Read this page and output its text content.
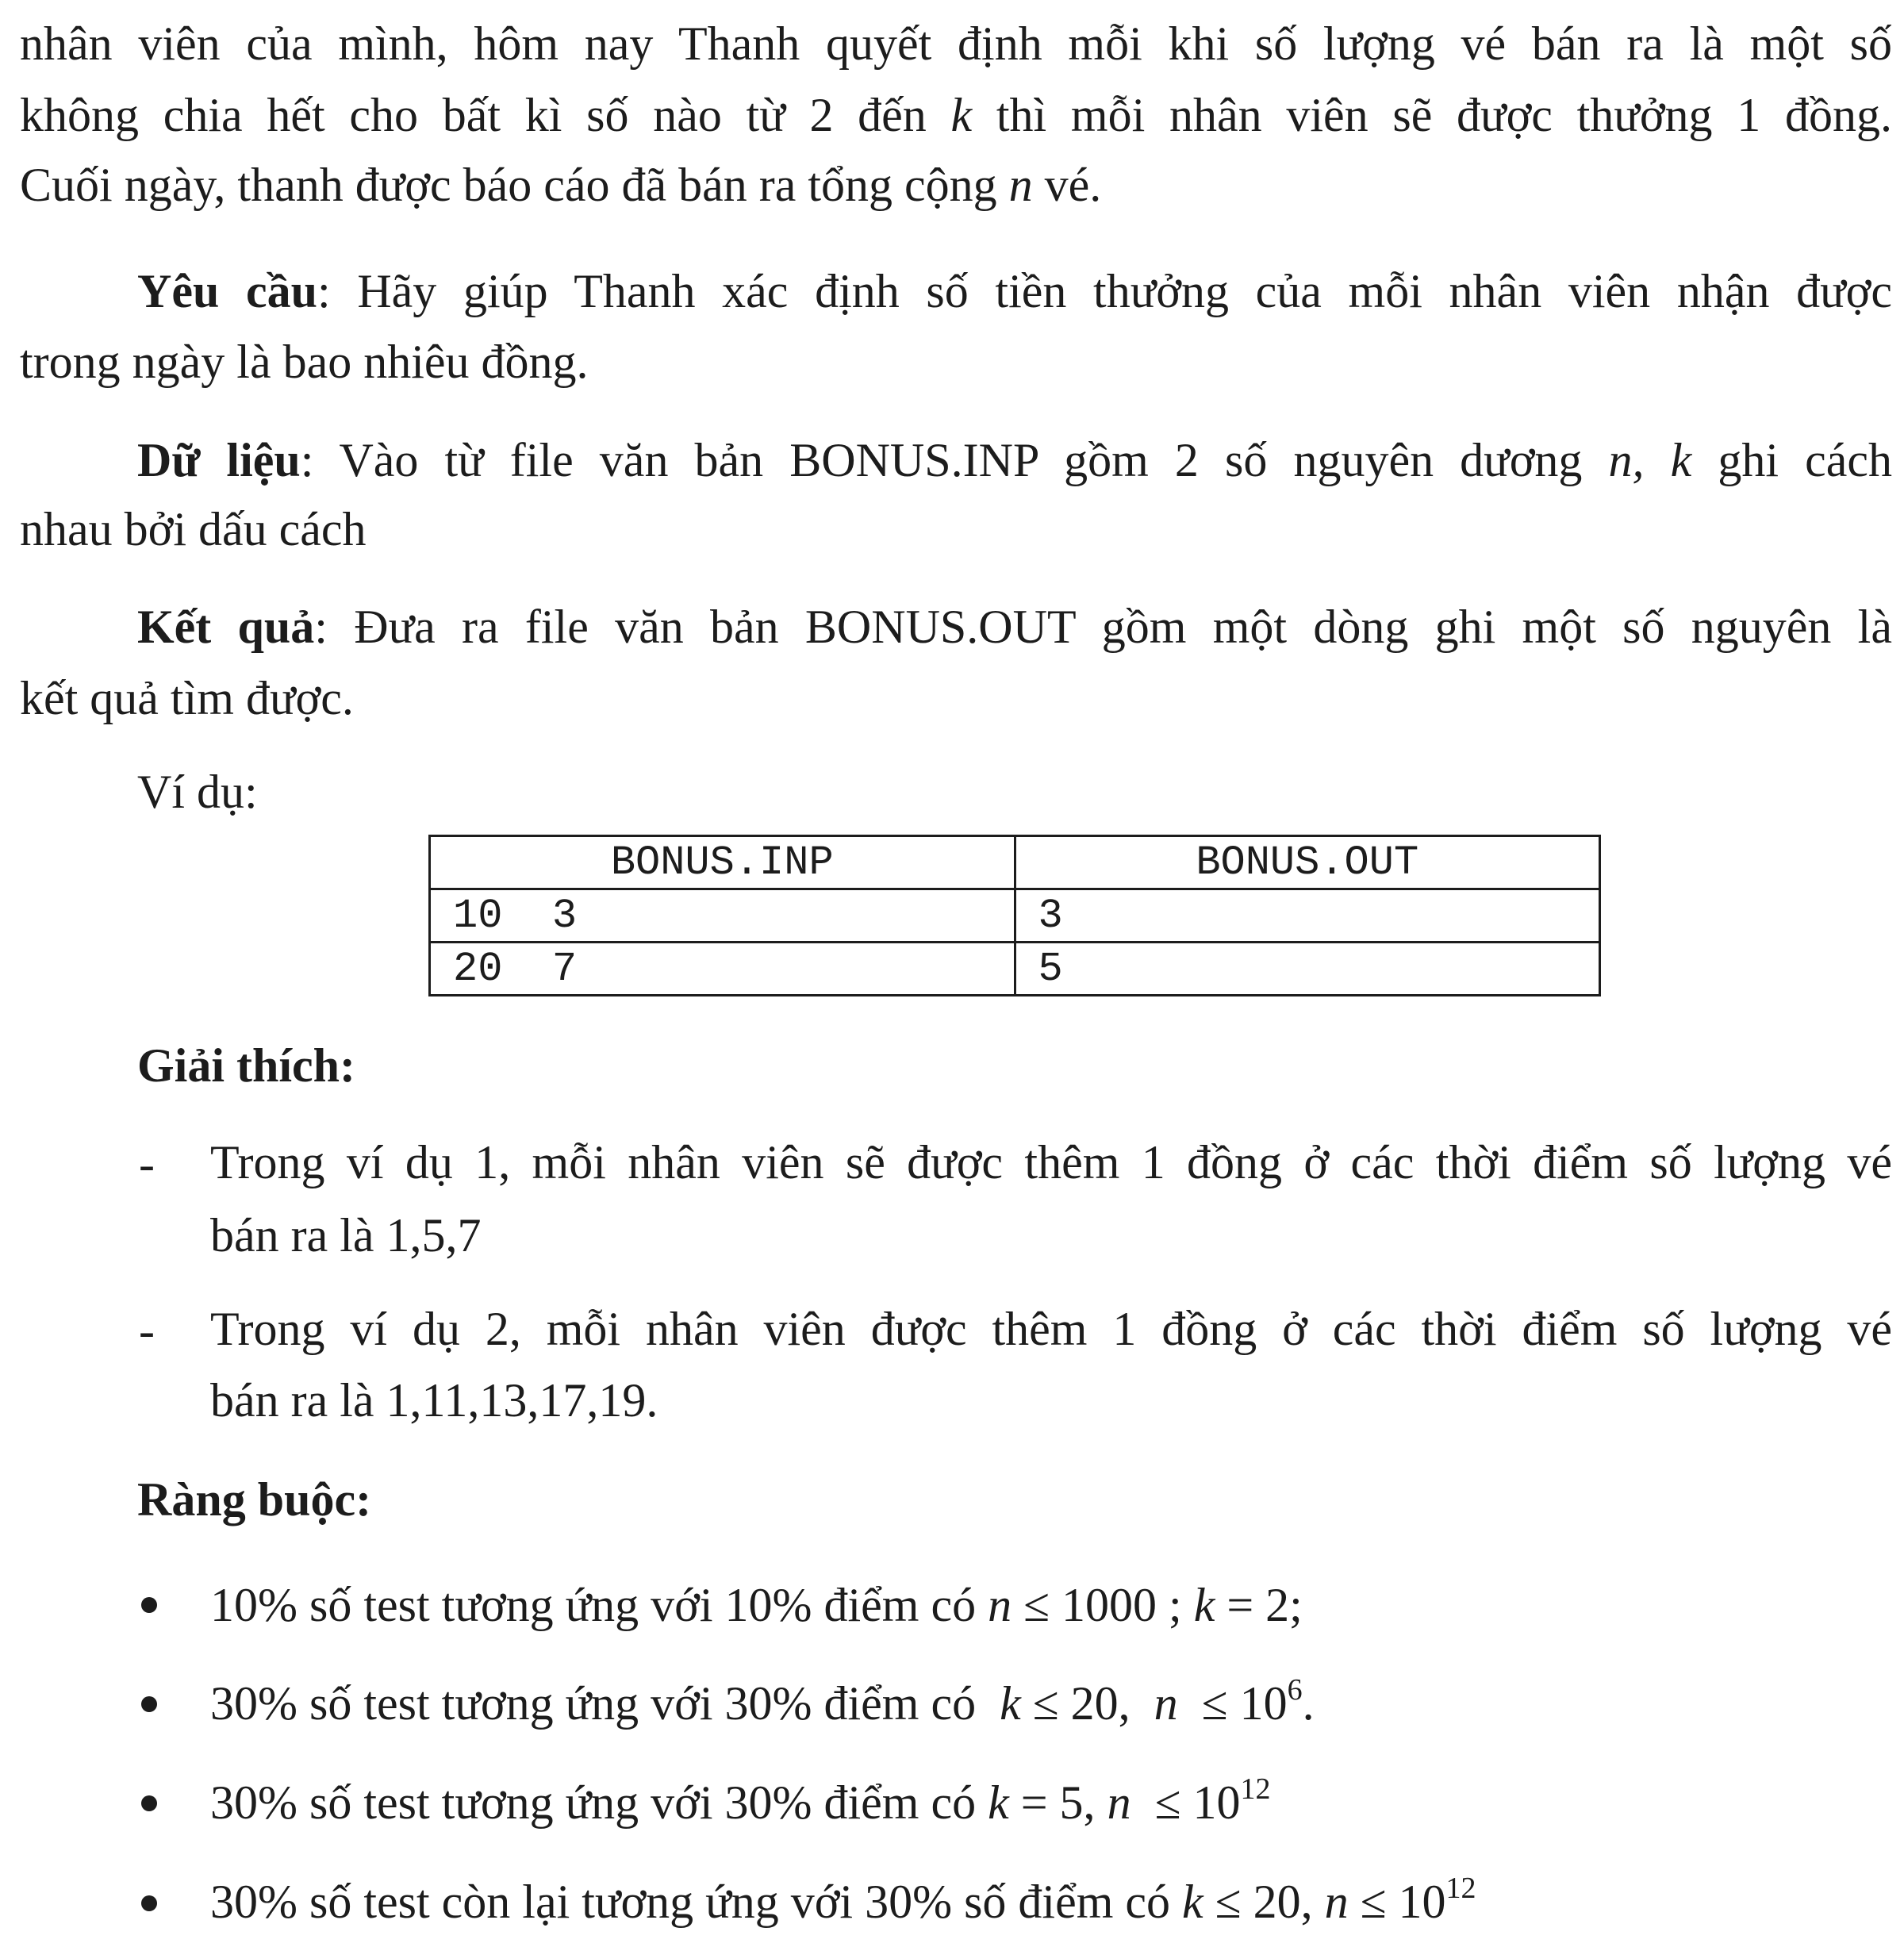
nhân viên của mình, hôm nay Thanh quyết định mỗi khi số lượng vé bán ra là một số
không chia hết cho bất kì số nào từ 2 đến k thì mỗi nhân viên sẽ được thưởng 1 đồng.
Cuối ngày, thanh được báo cáo đã bán ra tổng cộng n vé.
Yêu cầu: Hãy giúp Thanh xác định số tiền thưởng của mỗi nhân viên nhận được
trong ngày là bao nhiêu đồng.
Dữ liệu: Vào từ file văn bản BONUS.INP gồm 2 số nguyên dương n, k ghi cách
nhau bởi dấu cách
Kết quả: Đưa ra file văn bản BONUS.OUT gồm một dòng ghi một số nguyên là
kết quả tìm được.
Ví dụ:
BONUS.INP	BONUS.OUT
10  3	3
20  7	5
Giải thích:
- Trong ví dụ 1, mỗi nhân viên sẽ được thêm 1 đồng ở các thời điểm số lượng vé
bán ra là 1,5,7
- Trong ví dụ 2, mỗi nhân viên được thêm 1 đồng ở các thời điểm số lượng vé
bán ra là 1,11,13,17,19.
Ràng buộc:
10% số test tương ứng với 10% điểm có n ≤ 1000 ; k = 2;
30% số test tương ứng với 30% điểm có  k ≤ 20,  $n \le 10^6$.
30% số test tương ứng với 30% điểm có k = 5, $n \le 10^{12}$
30% số test còn lại tương ứng với 30% số điểm có k ≤ 20, $n \le 10^{12}$
